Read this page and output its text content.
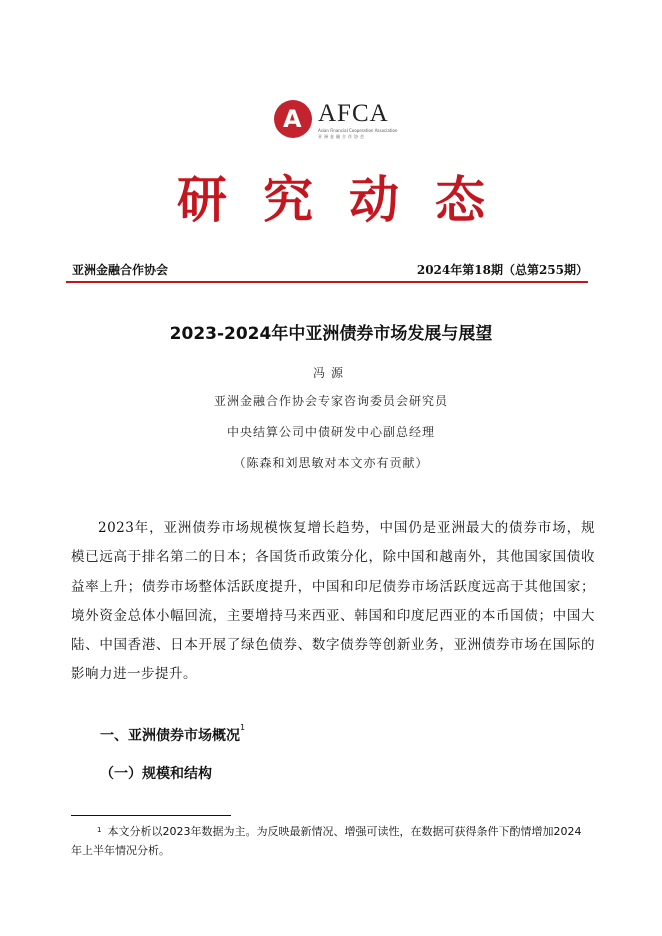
A AFCA
Asian Financial Cooperation Association
亚洲金融合作协会
研究动态
亚洲金融合作协会	2024年第18期（总第255期）
2023-2024年中亚洲债券市场发展与展望
冯源
亚洲金融合作协会专家咨询委员会研究员
中央结算公司中债研发中心副总经理
（陈森和刘思敏对本文亦有贡献）
2023年，亚洲债券市场规模恢复增长趋势，中国仍是亚洲最大的债券市场，规模已远高于排名第二的日本；各国货币政策分化，除中国和越南外，其他国家国债收益率上升；债券市场整体活跃度提升，中国和印尼债券市场活跃度远高于其他国家；境外资金总体小幅回流，主要增持马来西亚、韩国和印度尼西亚的本币国债；中国大陆、中国香港、日本开展了绿色债券、数字债券等创新业务，亚洲债券市场在国际的影响力进一步提升。
一、亚洲债券市场概况$^1$
（一）规模和结构
$^1$ 本文分析以2023年数据为主。为反映最新情况、增强可读性，在数据可获得条件下酌情增加2024年上半年情况分析。
